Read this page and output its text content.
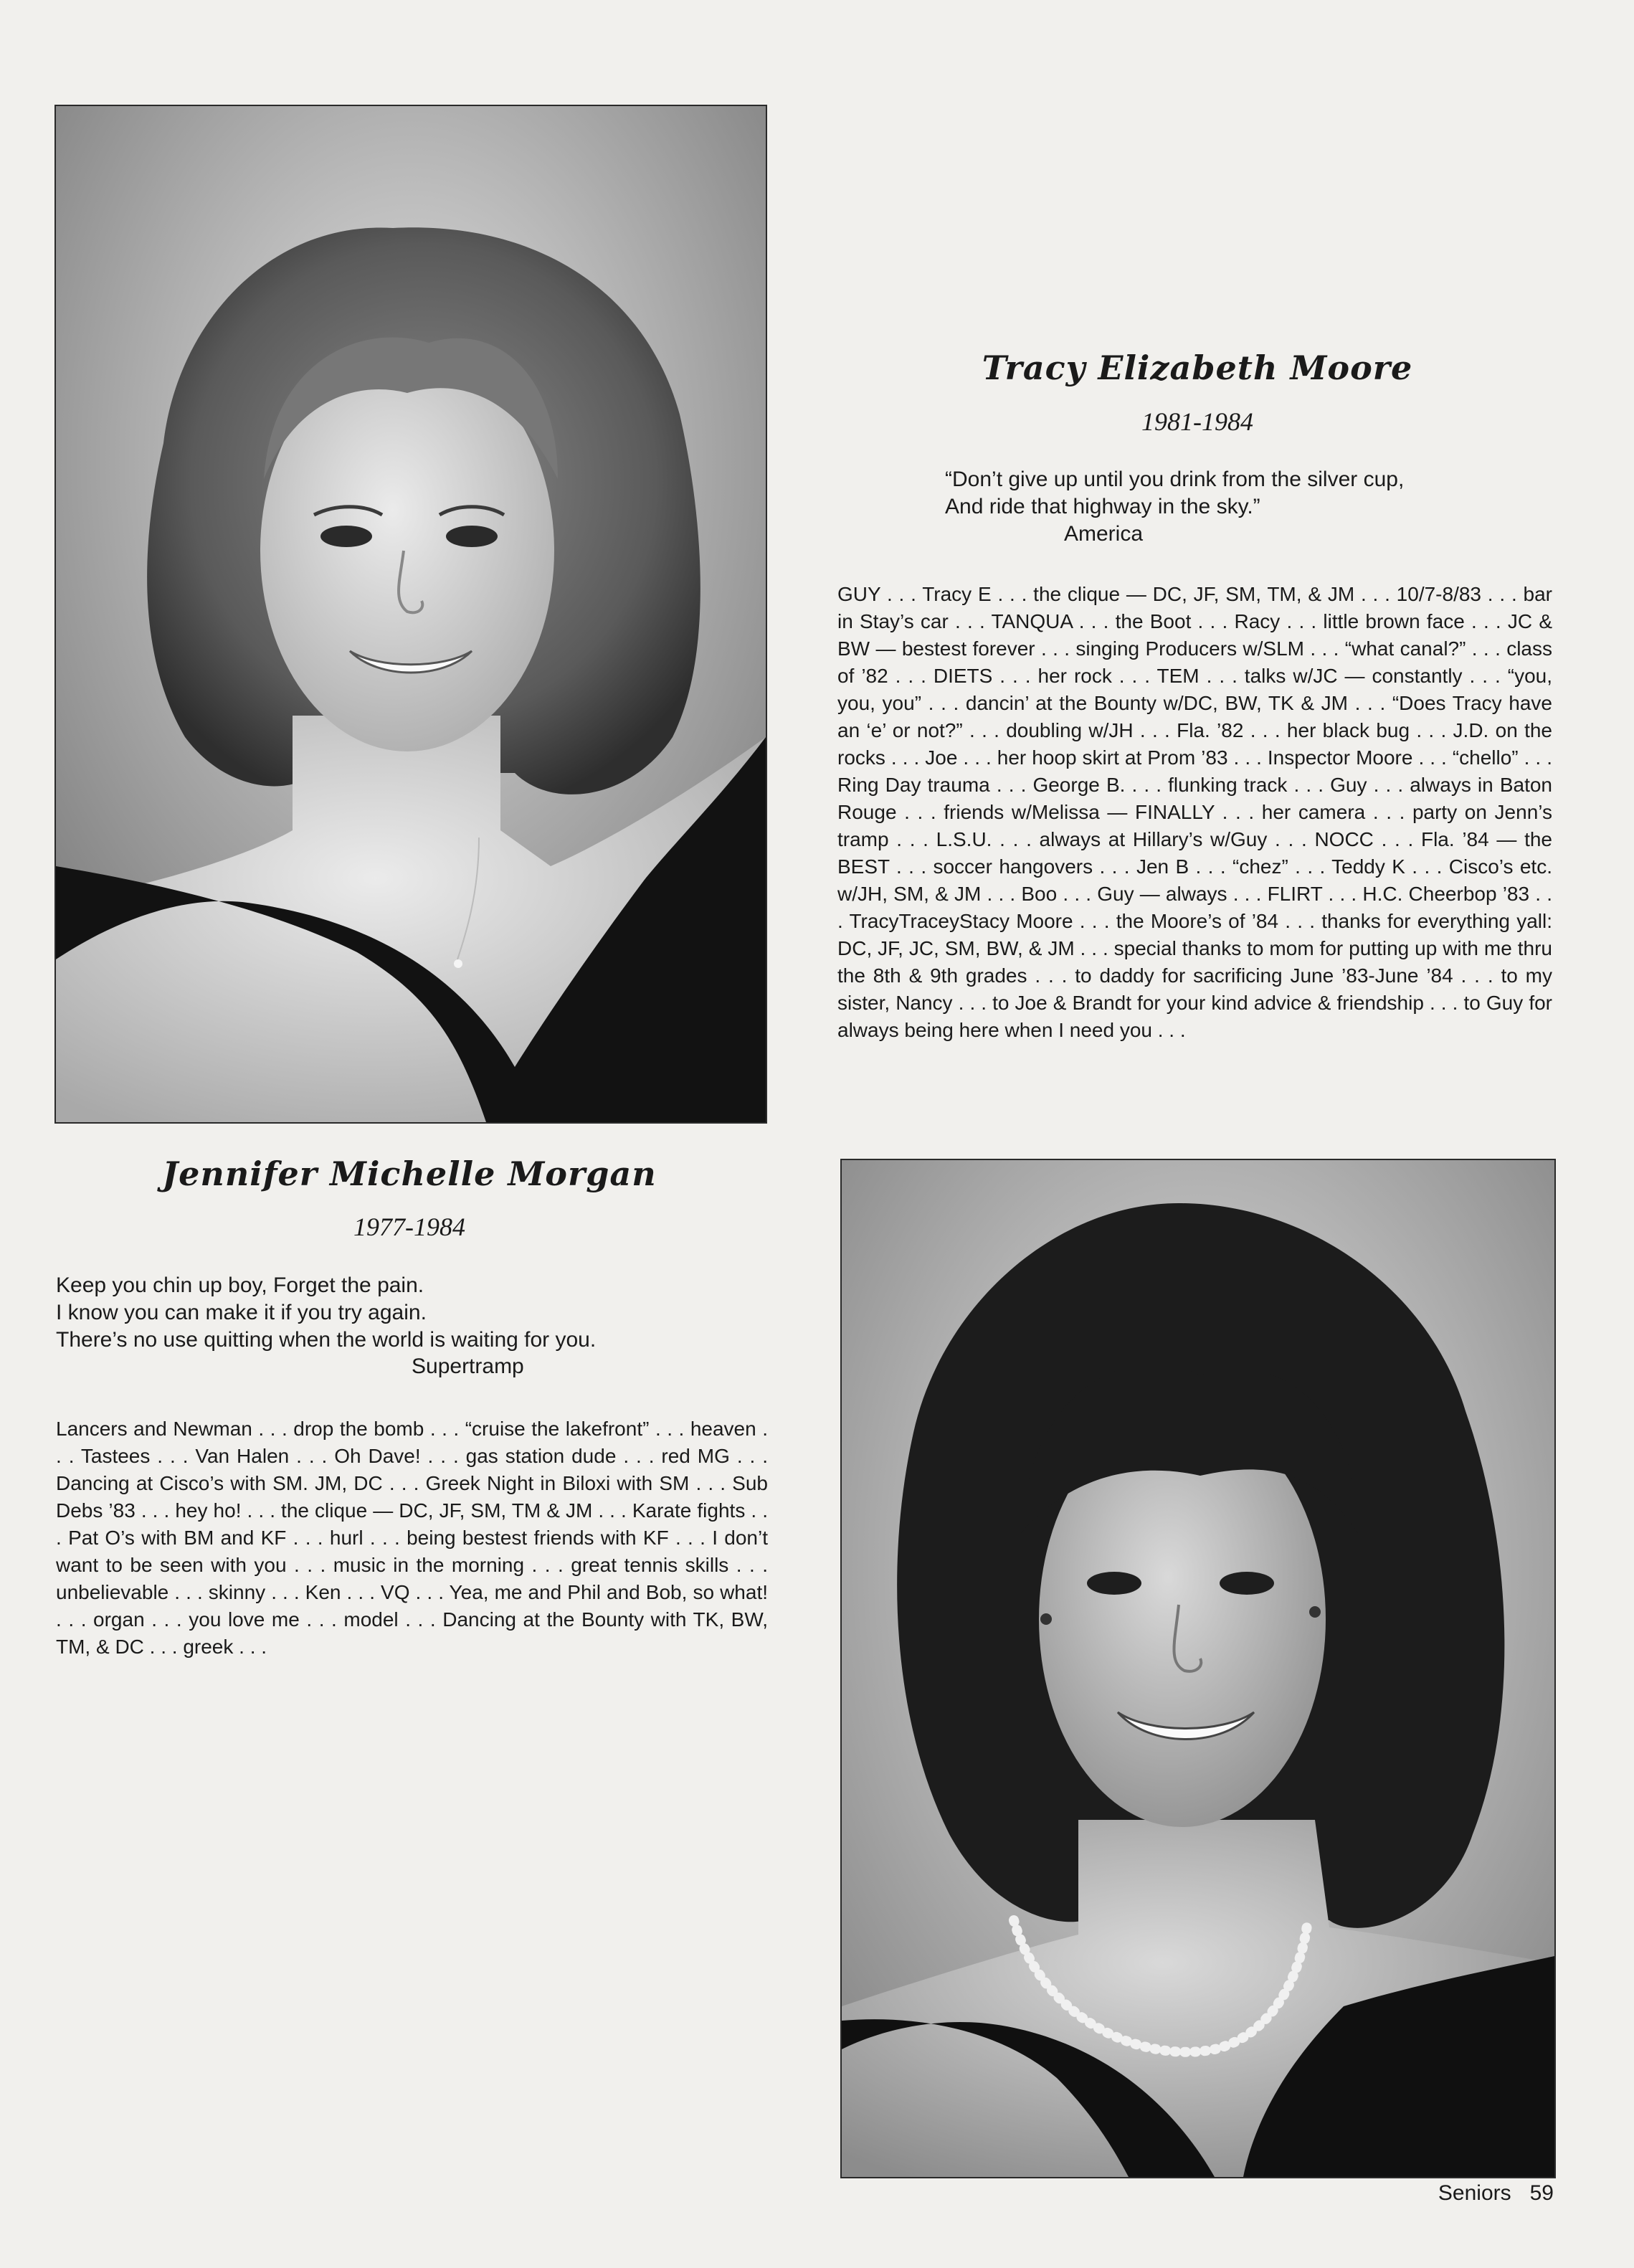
Tracy Elizabeth Moore
1981-1984

“Don’t give up until you drink from the silver cup,

And ride that highway in the sky.”

America

GUY . . . Tracy E . . . the clique — DC, JF, SM, TM, & JM . . . 10/7-8/83 . . . bar in Stay’s car . . . TANQUA . . . the Boot . . . Racy . . . little brown face . . . JC & BW — bestest forever . . . singing Producers w/SLM . . . “what canal?” . . . class of ’82 . . . DIETS . . . her rock . . . TEM . . . talks w/JC — constantly . . . “you, you, you” . . . dancin’ at the Bounty w/DC, BW, TK & JM . . . “Does Tracy have an ‘e’ or not?” . . . doubling w/JH . . . Fla. ’82 . . . her black bug . . . J.D. on the rocks . . . Joe . . . her hoop skirt at Prom ’83 . . . Inspector Moore . . . “chello” . . . Ring Day trauma . . . George B. . . . flunking track . . . Guy . . . always in Baton Rouge . . . friends w/Melissa — FINALLY . . . her camera . . . party on Jenn’s tramp . . . L.S.U. . . . always at Hillary’s w/Guy . . . NOCC . . . Fla. ’84 — the BEST . . . soccer hangovers . . . Jen B . . . “chez” . . . Teddy K . . . Cisco’s etc. w/JH, SM, & JM . . . Boo . . . Guy — always . . . FLIRT . . . H.C. Cheerbop ’83 . . . TracyTraceyStacy Moore . . . the Moore’s of ’84 . . . thanks for everything yall: DC, JF, JC, SM, BW, & JM . . . special thanks to mom for putting up with me thru the 8th & 9th grades . . . to daddy for sacrificing June ’83-June ’84 . . . to my sister, Nancy . . . to Joe & Brandt for your kind advice & friendship . . . to Guy for always being here when I need you . . .

Jennifer Michelle Morgan
1977-1984

Keep you chin up boy, Forget the pain.

I know you can make it if you try again.

There’s no use quitting when the world is waiting for you.

Supertramp

Lancers and Newman . . . drop the bomb . . . “cruise the lakefront” . . . heaven . . . Tastees . . . Van Halen . . . Oh Dave! . . . gas station dude . . . red MG . . . Dancing at Cisco’s with SM. JM, DC . . . Greek Night in Biloxi with SM . . . Sub Debs ’83 . . . hey ho! . . . the clique — DC, JF, SM, TM & JM . . . Karate fights . . . Pat O’s with BM and KF . . . hurl . . . being bestest friends with KF . . . I don’t want to be seen with you . . . music in the morning . . . great tennis skills . . . unbelievable . . . skinny . . . Ken . . . VQ . . . Yea, me and Phil and Bob, so what! . . . organ . . . you love me . . . model . . . Dancing at the Bounty with TK, BW, TM, & DC . . . greek . . .

Seniors 59
